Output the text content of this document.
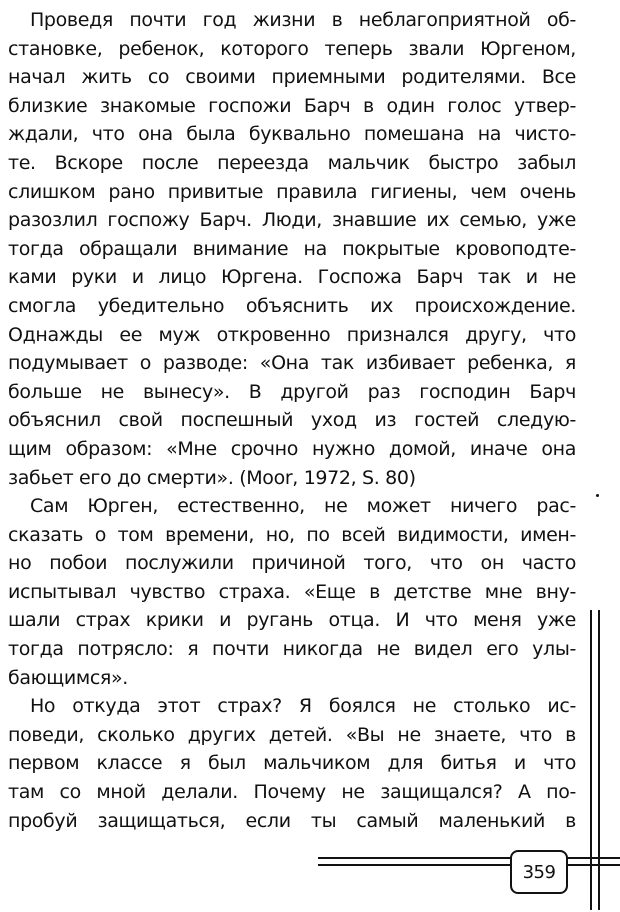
Проведя почти год жизни в неблагоприятной об-
становке, ребенок, которого теперь звали Юргеном,
начал жить со своими приемными родителями. Все
близкие знакомые госпожи Барч в один голос утвер-
ждали, что она была буквально помешана на чисто-
те. Вскоре после переезда мальчик быстро забыл
слишком рано привитые правила гигиены, чем очень
разозлил госпожу Барч. Люди, знавшие их семью, уже
тогда обращали внимание на покрытые кровоподте-
ками руки и лицо Юргена. Госпожа Барч так и не
смогла убедительно объяснить их происхождение.
Однажды ее муж откровенно признался другу, что
подумывает о разводе: «Она так избивает ребенка, я
больше не вынесу». В другой раз господин Барч
объяснил свой поспешный уход из гостей следую-
щим образом: «Мне срочно нужно домой, иначе она
забьет его до смерти». (Moor, 1972, S. 80)
Сам Юрген, естественно, не может ничего рас-
сказать о том времени, но, по всей видимости, имен-
но побои послужили причиной того, что он часто
испытывал чувство страха. «Еще в детстве мне вну-
шали страх крики и ругань отца. И что меня уже
тогда потрясло: я почти никогда не видел его улы-
бающимся».
Но откуда этот страх? Я боялся не столько ис-
поведи, сколько других детей. «Вы не знаете, что в
первом классе я был мальчиком для битья и что
там со мной делали. Почему не защищался? А по-
пробуй защищаться, если ты самый маленький в
359
